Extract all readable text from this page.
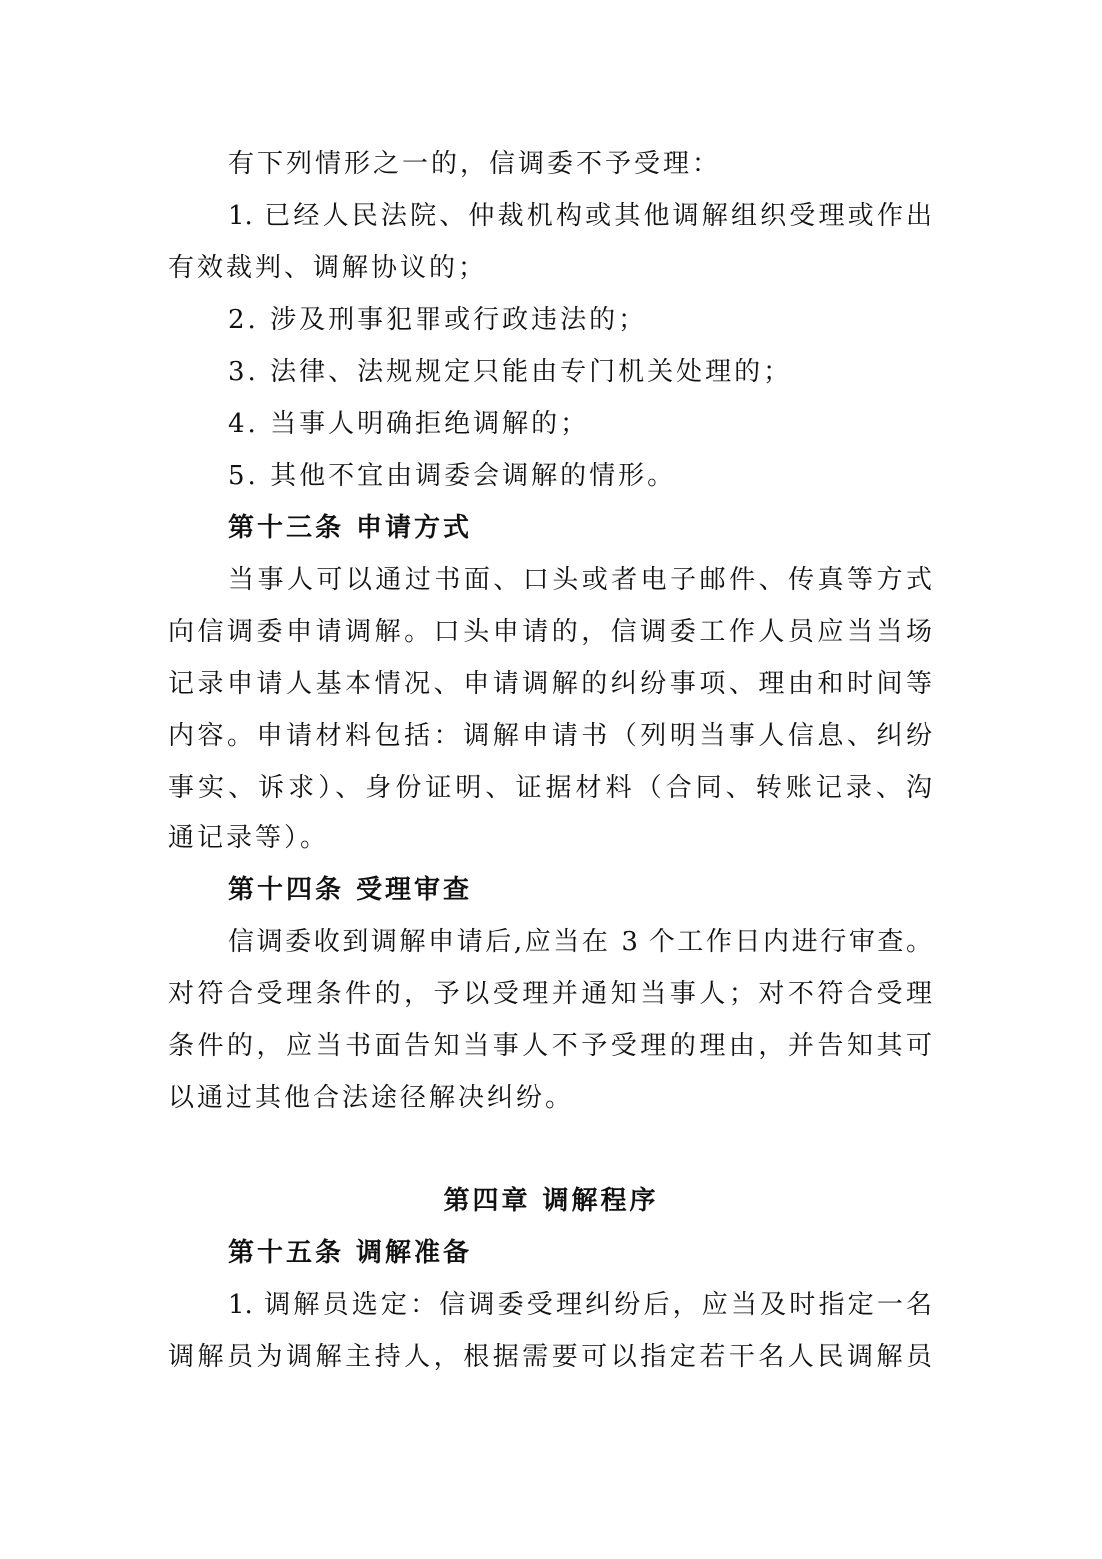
有下列情形之一的，信调委不予受理：
1. 已经人民法院、仲裁机构或其他调解组织受理或作出
有效裁判、调解协议的；
2. 涉及刑事犯罪或行政违法的；
3. 法律、法规规定只能由专门机关处理的；
4. 当事人明确拒绝调解的；
5. 其他不宜由调委会调解的情形。
第十三条 申请方式
当事人可以通过书面、口头或者电子邮件、传真等方式
向信调委申请调解。口头申请的，信调委工作人员应当当场
记录申请人基本情况、申请调解的纠纷事项、理由和时间等
内容。申请材料包括：调解申请书（列明当事人信息、纠纷
事实、诉求）、身份证明、证据材料（合同、转账记录、沟
通记录等）。
第十四条 受理审查
信调委收到调解申请后,应当在 3 个工作日内进行审查。
对符合受理条件的，予以受理并通知当事人；对不符合受理
条件的，应当书面告知当事人不予受理的理由，并告知其可
以通过其他合法途径解决纠纷。
第四章 调解程序
第十五条 调解准备
1. 调解员选定：信调委受理纠纷后，应当及时指定一名
调解员为调解主持人，根据需要可以指定若干名人民调解员
